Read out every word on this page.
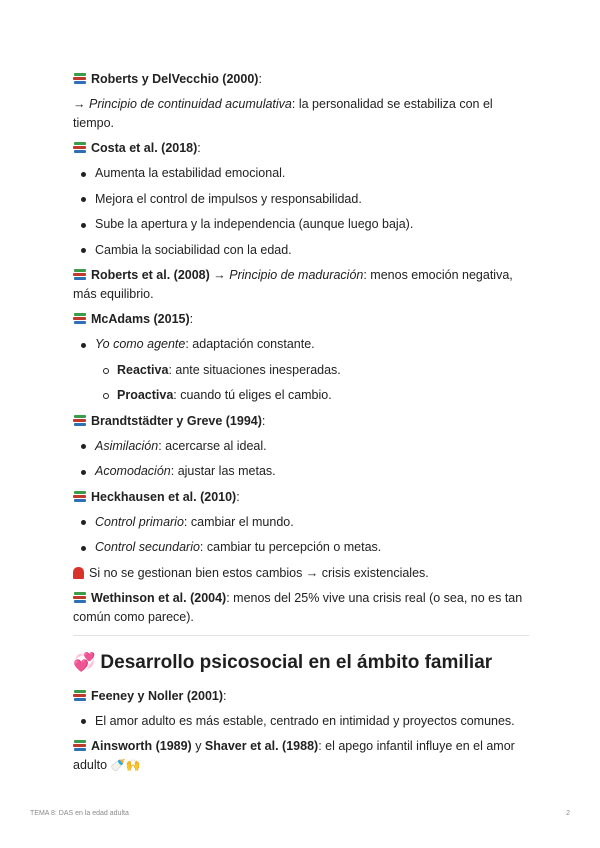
Roberts y DelVecchio (2000):
→ Principio de continuidad acumulativa: la personalidad se estabiliza con el tiempo.
Costa et al. (2018):
Aumenta la estabilidad emocional.
Mejora el control de impulsos y responsabilidad.
Sube la apertura y la independencia (aunque luego baja).
Cambia la sociabilidad con la edad.
Roberts et al. (2008) → Principio de maduración: menos emoción negativa, más equilibrio.
McAdams (2015):
Yo como agente: adaptación constante.
Reactiva: ante situaciones inesperadas.
Proactiva: cuando tú eliges el cambio.
Brandtstädter y Greve (1994):
Asimilación: acercarse al ideal.
Acomodación: ajustar las metas.
Heckhausen et al. (2010):
Control primario: cambiar el mundo.
Control secundario: cambiar tu percepción o metas.
Si no se gestionan bien estos cambios → crisis existenciales.
Wethinson et al. (2004): menos del 25% vive una crisis real (o sea, no es tan común como parece).
💞 Desarrollo psicosocial en el ámbito familiar
Feeney y Noller (2001):
El amor adulto es más estable, centrado en intimidad y proyectos comunes.
Ainsworth (1989) y Shaver et al. (1988): el apego infantil influye en el amor adulto 🍼🙌
TEMA 8: DAS en la edad adulta	2
